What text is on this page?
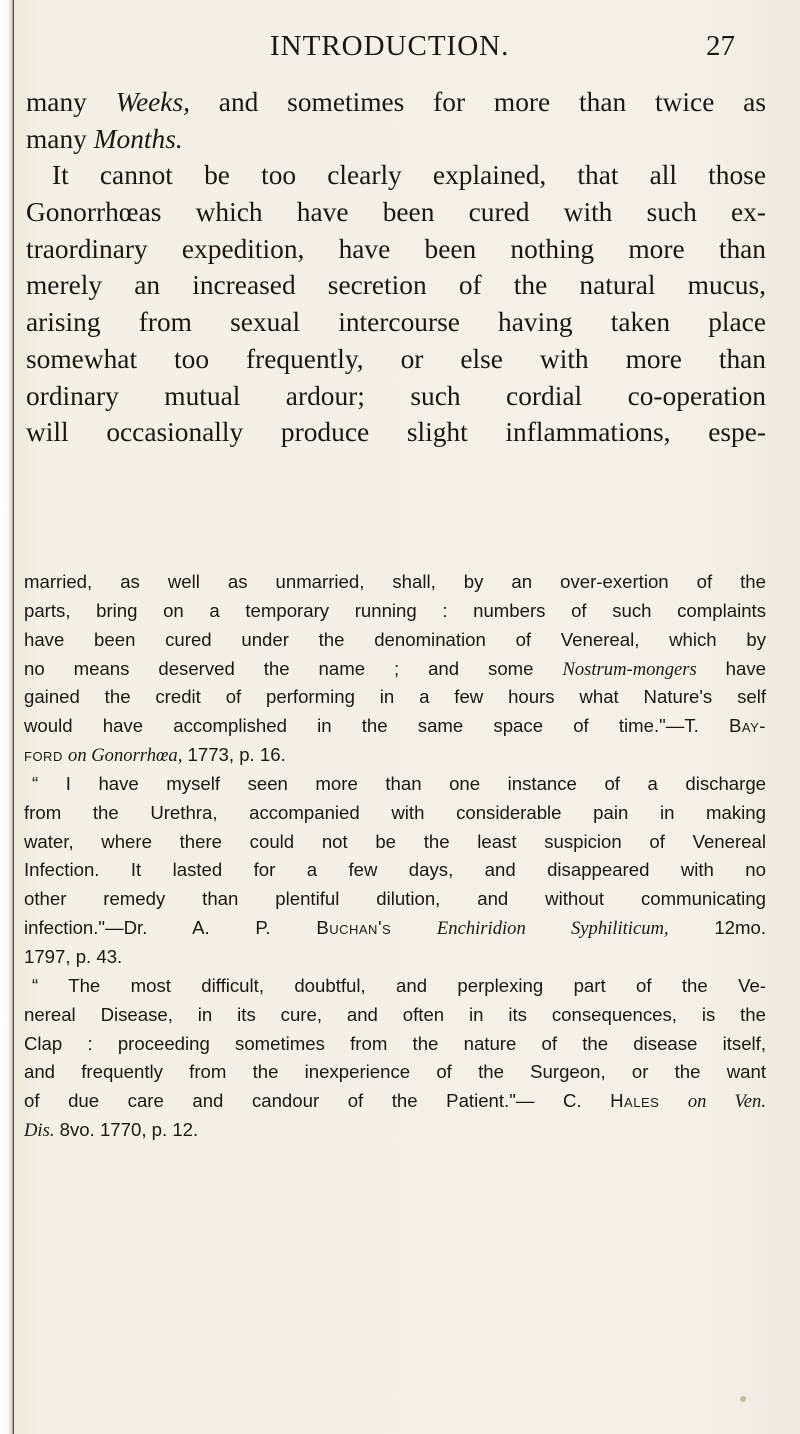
INTRODUCTION.	27
many Weeks, and sometimes for more than twice as
many Months.
It cannot be too clearly explained, that all those
Gonorrhœas which have been cured with such ex-
traordinary expedition, have been nothing more than
merely an increased secretion of the natural mucus,
arising from sexual intercourse having taken place
somewhat too frequently, or else with more than
ordinary mutual ardour; such cordial co-operation
will occasionally produce slight inflammations, espe-
married, as well as unmarried, shall, by an over-exertion of the
parts, bring on a temporary running : numbers of such complaints
have been cured under the denomination of Venereal, which by
no means deserved the name ; and some Nostrum-mongers have
gained the credit of performing in a few hours what Nature's self
would have accomplished in the same space of time."—T. Bay-
ford on Gonorrhœa, 1773, p. 16.
“ I have myself seen more than one instance of a discharge
from the Urethra, accompanied with considerable pain in making
water, where there could not be the least suspicion of Venereal
Infection. It lasted for a few days, and disappeared with no
other remedy than plentiful dilution, and without communicating
infection."—Dr. A. P. Buchan's Enchiridion Syphiliticum, 12mo.
1797, p. 43.
“ The most difficult, doubtful, and perplexing part of the Ve-
nereal Disease, in its cure, and often in its consequences, is the
Clap : proceeding sometimes from the nature of the disease itself,
and frequently from the inexperience of the Surgeon, or the want
of due care and candour of the Patient."— C. Hales on Ven.
Dis. 8vo. 1770, p. 12.
